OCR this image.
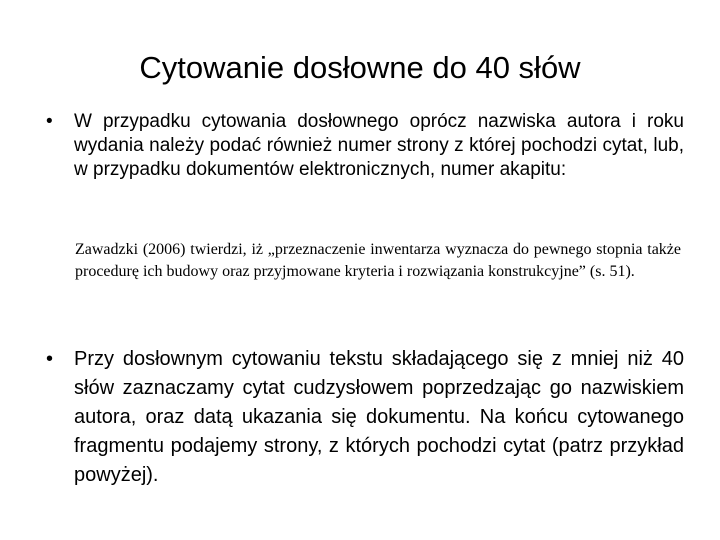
Cytowanie dosłowne do 40 słów
• W przypadku cytowania dosłownego oprócz nazwiska autora i roku wydania należy podać również numer strony z której pochodzi cytat, lub, w przypadku dokumentów elektronicznych, numer akapitu:
Zawadzki (2006) twierdzi, iż „przeznaczenie inwentarza wyznacza do pewnego stopnia także procedurę ich budowy oraz przyjmowane kryteria i rozwiązania konstrukcyjne” (s. 51).
• Przy dosłownym cytowaniu tekstu składającego się z mniej niż 40 słów zaznaczamy cytat cudzysłowem poprzedzając go nazwiskiem autora, oraz datą ukazania się dokumentu. Na końcu cytowanego fragmentu podajemy strony, z których pochodzi cytat (patrz przykład powyżej).
